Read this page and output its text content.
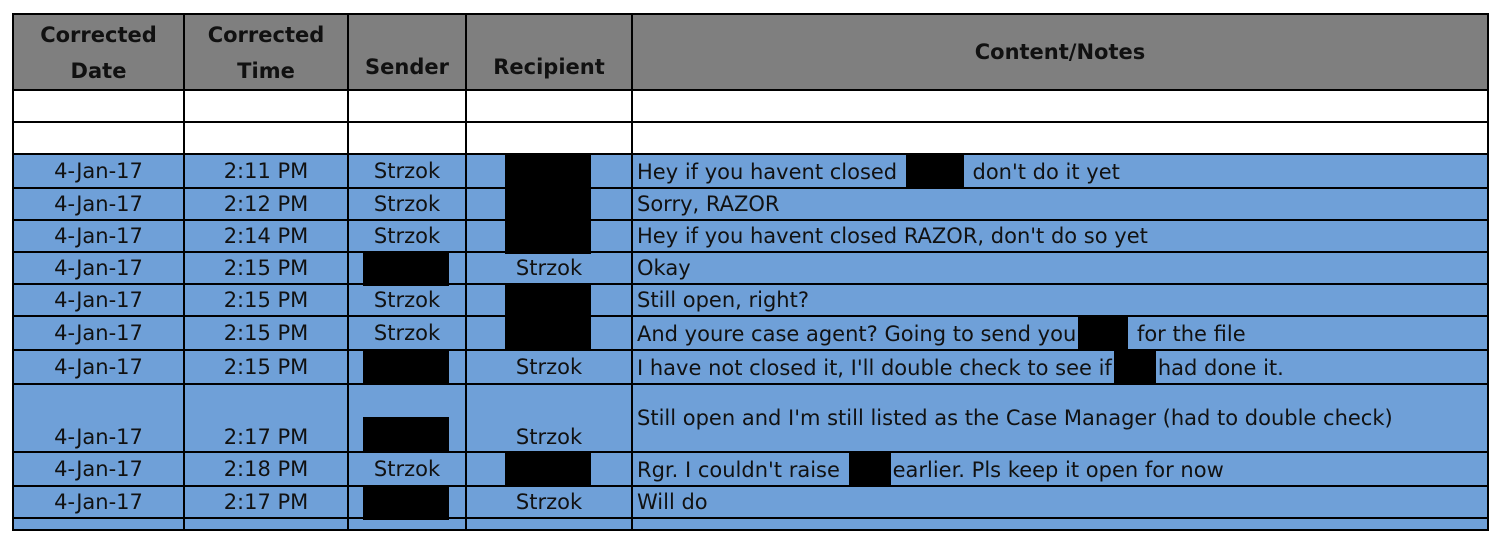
Corrected Date	Corrected Time	Sender	Recipient	Content/Notes

4-Jan-17	2:11 PM	Strzok		Hey if you havent closed don't do it yet
4-Jan-17	2:12 PM	Strzok		Sorry, RAZOR
4-Jan-17	2:14 PM	Strzok		Hey if you havent closed RAZOR, don't do so yet
4-Jan-17	2:15 PM		Strzok	Okay
4-Jan-17	2:15 PM	Strzok		Still open, right?
4-Jan-17	2:15 PM	Strzok		And youre case agent? Going to send you for the file
4-Jan-17	2:15 PM		Strzok	I have not closed it, I'll double check to see if had done it.
4-Jan-17	2:17 PM		Strzok	Still open and I'm still listed as the Case Manager (had to double check)
4-Jan-17	2:18 PM	Strzok		Rgr. I couldn't raise earlier. Pls keep it open for now
4-Jan-17	2:17 PM		Strzok	Will do
